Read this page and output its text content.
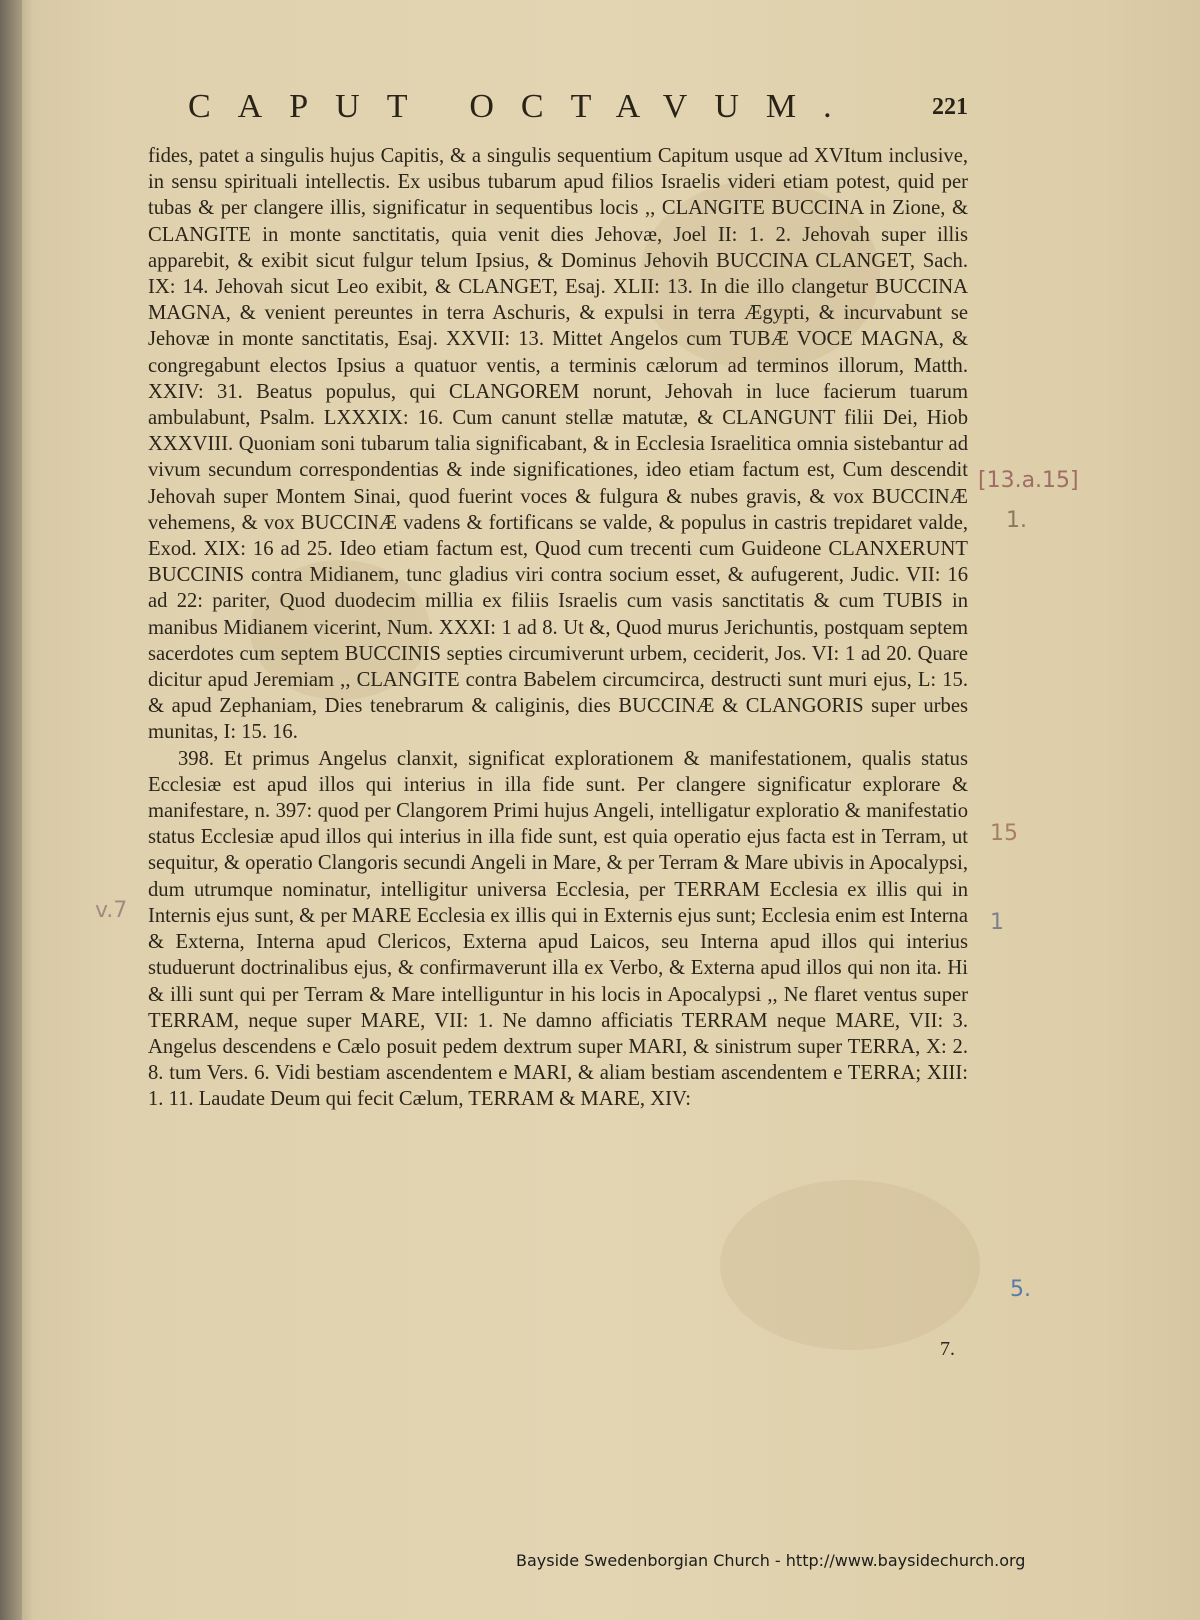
CAPUT OCTAVUM.	221

fides, patet a singulis hujus Capitis, & a singulis sequentium Capitum usque ad XVItum inclusive, in sensu spirituali intellectis. Ex usibus tubarum apud filios Israelis videri etiam potest, quid per tubas & per clangere illis, significatur in sequentibus locis ,, CLANGITE BUCCINA in Zione, & CLANGITE in monte sanctitatis, quia venit dies Jehovæ, Joel II: 1. 2. Jehovah super illis apparebit, & exibit sicut fulgur telum Ipsius, & Dominus Jehovih BUCCINA CLANGET, Sach. IX: 14. Jehovah sicut Leo exibit, & CLANGET, Esaj. XLII: 13. In die illo clangetur BUCCINA MAGNA, & venient pereuntes in terra Aschuris, & expulsi in terra Ægypti, & incurvabunt se Jehovæ in monte sanctitatis, Esaj. XXVII: 13. Mittet Angelos cum TUBÆ VOCE MAGNA, & congregabunt electos Ipsius a quatuor ventis, a terminis cælorum ad terminos illorum, Matth. XXIV: 31. Beatus populus, qui CLANGOREM norunt, Jehovah in luce facierum tuarum ambulabunt, Psalm. LXXXIX: 16. Cum canunt stellæ matutæ, & CLANGUNT filii Dei, Hiob XXXVIII. Quoniam soni tubarum talia significabant, & in Ecclesia Israelitica omnia sistebantur ad vivum secundum correspondentias & inde significationes, ideo etiam factum est, Cum descendit Jehovah super Montem Sinai, quod fuerint voces & fulgura & nubes gravis, & vox BUCCINÆ vehemens, & vox BUCCINÆ vadens & fortificans se valde, & populus in castris trepidaret valde, Exod. XIX: 16 ad 25. Ideo etiam factum est, Quod cum trecenti cum Guideone CLANXERUNT BUCCINIS contra Midianem, tunc gladius viri contra socium esset, & aufugerent, Judic. VII: 16 ad 22: pariter, Quod duodecim millia ex filiis Israelis cum vasis sanctitatis & cum TUBIS in manibus Midianem vicerint, Num. XXXI: 1 ad 8. Ut &, Quod murus Jerichuntis, postquam septem sacerdotes cum septem BUCCINIS septies circumiverunt urbem, ceciderit, Jos. VI: 1 ad 20. Quare dicitur apud Jeremiam ,, CLANGITE contra Babelem circumcirca, destructi sunt muri ejus, L: 15. & apud Zephaniam, Dies tenebrarum & caliginis, dies BUCCINÆ & CLANGORIS super urbes munitas, I: 15. 16.

398. Et primus Angelus clanxit, significat explorationem & manifestationem, qualis status Ecclesiæ est apud illos qui interius in illa fide sunt. Per clangere significatur explorare & manifestare, n. 397: quod per Clangorem Primi hujus Angeli, intelligatur exploratio & manifestatio status Ecclesiæ apud illos qui interius in illa fide sunt, est quia operatio ejus facta est in Terram, ut sequitur, & operatio Clangoris secundi Angeli in Mare, & per Terram & Mare ubivis in Apocalypsi, dum utrumque nominatur, intelligitur universa Ecclesia, per TERRAM Ecclesia ex illis qui in Internis ejus sunt, & per MARE Ecclesia ex illis qui in Externis ejus sunt; Ecclesia enim est Interna & Externa, Interna apud Clericos, Externa apud Laicos, seu Interna apud illos qui interius studuerunt doctrinalibus ejus, & confirmaverunt illa ex Verbo, & Externa apud illos qui non ita. Hi & illi sunt qui per Terram & Mare intelliguntur in his locis in Apocalypsi ,, Ne flaret ventus super TERRAM, neque super MARE, VII: 1. Ne damno afficiatis TERRAM neque MARE, VII: 3. Angelus descendens e Cælo posuit pedem dextrum super MARI, & sinistrum super TERRA, X: 2. 8. tum Vers. 6. Vidi bestiam ascendentem e MARI, & aliam bestiam ascendentem e TERRA; XIII: 1. 11. Laudate Deum qui fecit Cælum, TERRAM & MARE, XIV:

7.
[13.a.15]
v.7
1.
15
1
5.
Bayside Swedenborgian Church - http://www.baysidechurch.org
